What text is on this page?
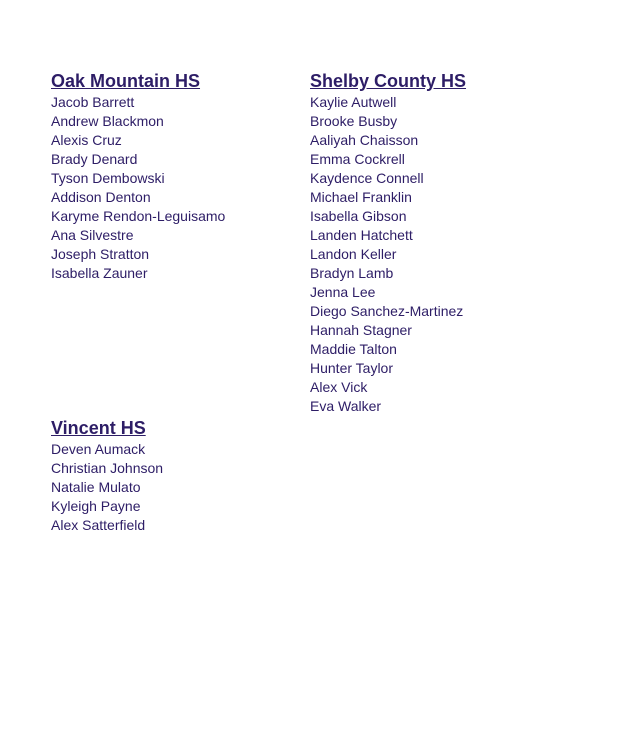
Oak Mountain HS
Jacob Barrett
Andrew Blackmon
Alexis Cruz
Brady Denard
Tyson Dembowski
Addison Denton
Karyme Rendon-Leguisamo
Ana Silvestre
Joseph Stratton
Isabella Zauner
Shelby County HS
Kaylie Autwell
Brooke Busby
Aaliyah Chaisson
Emma Cockrell
Kaydence Connell
Michael Franklin
Isabella Gibson
Landen Hatchett
Landon Keller
Bradyn Lamb
Jenna Lee
Diego Sanchez-Martinez
Hannah Stagner
Maddie Talton
Hunter Taylor
Alex Vick
Eva Walker
Vincent HS
Deven Aumack
Christian Johnson
Natalie Mulato
Kyleigh Payne
Alex Satterfield
